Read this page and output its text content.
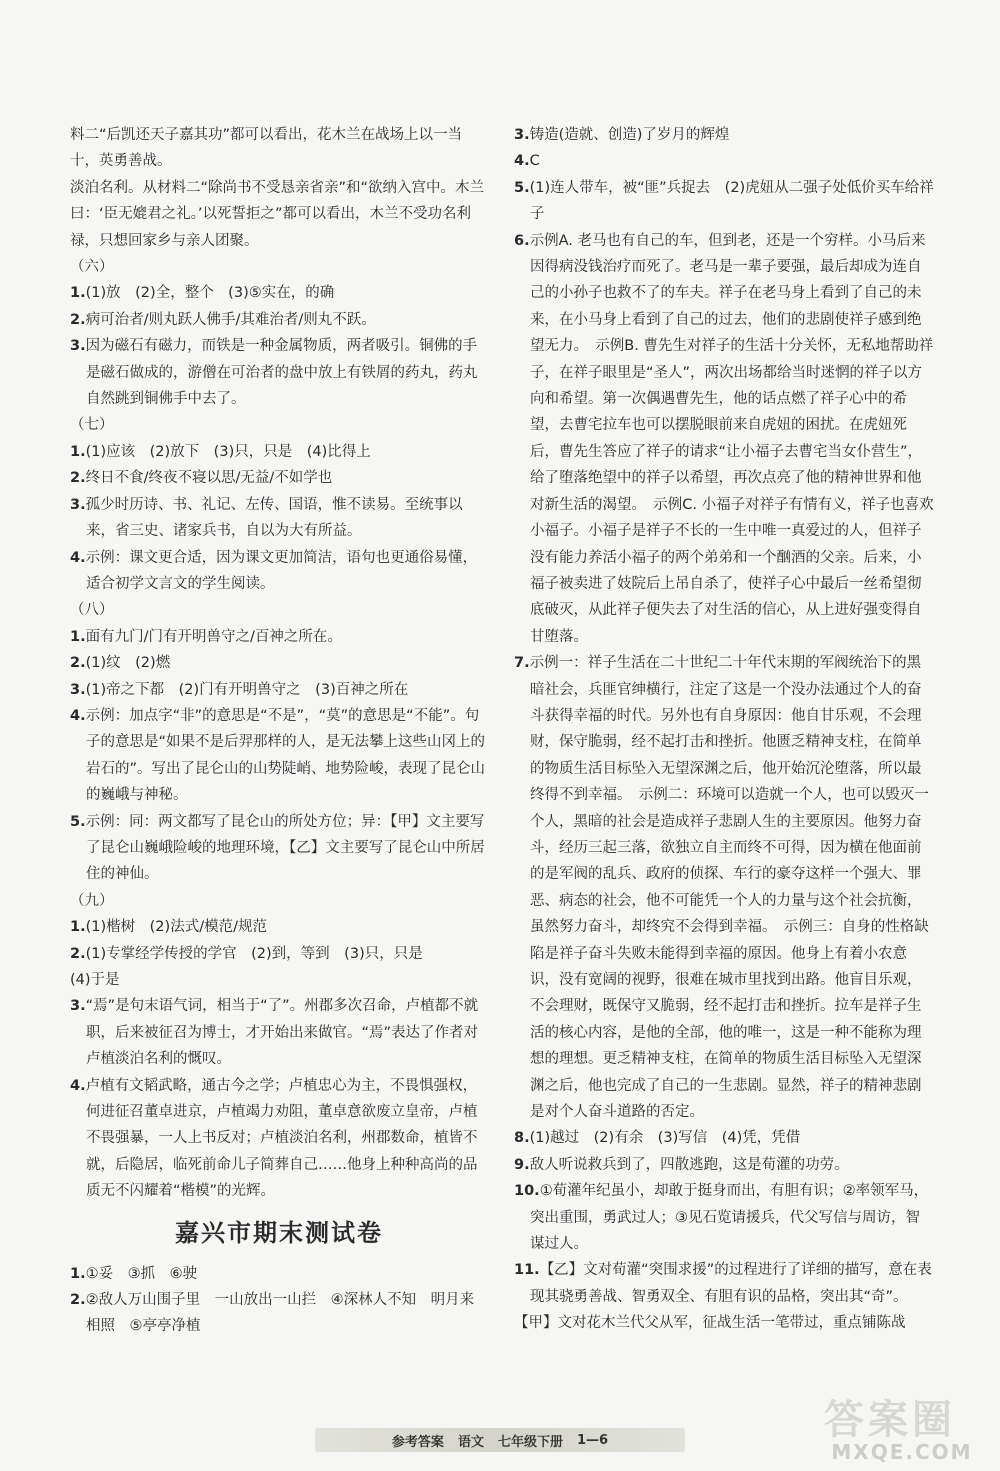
料二“后凯还天子嘉其功”都可以看出，花木兰在战场上以一当十，英勇善战。

淡泊名利。从材料二“除尚书不受恳亲省亲”和“欲纳入宫中。木兰曰：‘臣无媲君之礼。’以死誓拒之”都可以看出，木兰不受功名利禄，只想回家乡与亲人团聚。

（六）

1.(1)放　(2)全，整个　(3)⑤实在，的确

2.病可治者/则丸跃人佛手/其难治者/则丸不跃。

3.因为磁石有磁力，而铁是一种金属物质，两者吸引。铜佛的手是磁石做成的，游僧在可治者的盘中放上有铁屑的药丸，药丸自然跳到铜佛手中去了。

（七）

1.(1)应该　(2)放下　(3)只，只是　(4)比得上

2.终日不食/终夜不寝以思/无益/不如学也

3.孤少时历诗、书、礼记、左传、国语，惟不读易。至统事以来，省三史、诸家兵书，自以为大有所益。

4.示例：课文更合适，因为课文更加简洁，语句也更通俗易懂，适合初学文言文的学生阅读。

（八）

1.面有九门/门有开明兽守之/百神之所在。

2.(1)纹　(2)燃

3.(1)帝之下都　(2)门有开明兽守之　(3)百神之所在

4.示例：加点字“非”的意思是“不是”，“莫”的意思是“不能”。句子的意思是“如果不是后羿那样的人，是无法攀上这些山冈上的岩石的”。写出了昆仑山的山势陡峭、地势险峻，表现了昆仑山的巍峨与神秘。

5.示例：同：两文都写了昆仑山的所处方位；异：【甲】文主要写了昆仑山巍峨险峻的地理环境，【乙】文主要写了昆仑山中所居住的神仙。

（九）

1.(1)楷树　(2)法式/模范/规范

2.(1)专掌经学传授的学官　(2)到，等到　(3)只，只是

(4)于是

3.“焉”是句末语气词，相当于“了”。州郡多次召命，卢植都不就职，后来被征召为博士，才开始出来做官。“焉”表达了作者对卢植淡泊名利的慨叹。

4.卢植有文韬武略，通古今之学；卢植忠心为主，不畏惧强权，何进征召董卓进京，卢植竭力劝阻，董卓意欲废立皇帝，卢植不畏强暴，一人上书反对；卢植淡泊名利，州郡数命，植皆不就，后隐居，临死前命儿子简葬自己……他身上种种高尚的品质无不闪耀着“楷模”的光辉。

嘉兴市期末测试卷

1.①妥　③抓　⑥驶

2.②敌人万山围子里　一山放出一山拦　④深林人不知　明月来相照　⑤亭亭净植

3.铸造(造就、创造)了岁月的辉煌

4.C

5.(1)连人带车，被“匪”兵捉去　(2)虎妞从二强子处低价买车给祥子

6.示例A. 老马也有自己的车，但到老，还是一个穷样。小马后来因得病没钱治疗而死了。老马是一辈子要强，最后却成为连自己的小孙子也救不了的车夫。祥子在老马身上看到了自己的未来，在小马身上看到了自己的过去，他们的悲剧使祥子感到绝望无力。　示例B. 曹先生对祥子的生活十分关怀，无私地帮助祥子，在祥子眼里是“圣人”，两次出场都给当时迷惘的祥子以方向和希望。第一次偶遇曹先生，他的话点燃了祥子心中的希望，去曹宅拉车也可以摆脱眼前来自虎妞的困扰。在虎妞死后，曹先生答应了祥子的请求“让小福子去曹宅当女仆营生”，给了堕落绝望中的祥子以希望，再次点亮了他的精神世界和他对新生活的渴望。　示例C. 小福子对祥子有情有义，祥子也喜欢小福子。小福子是祥子不长的一生中唯一真爱过的人，但祥子没有能力养活小福子的两个弟弟和一个酗酒的父亲。后来，小福子被卖进了妓院后上吊自杀了，使祥子心中最后一丝希望彻底破灭，从此祥子便失去了对生活的信心，从上进好强变得自甘堕落。

7.示例一：祥子生活在二十世纪二十年代末期的军阀统治下的黑暗社会，兵匪官绅横行，注定了这是一个没办法通过个人的奋斗获得幸福的时代。另外也有自身原因：他自甘乐观，不会理财，保守脆弱，经不起打击和挫折。他匮乏精神支柱，在简单的物质生活目标坠入无望深渊之后，他开始沉沦堕落，所以最终得不到幸福。　示例二：环境可以造就一个人，也可以毁灭一个人，黑暗的社会是造成祥子悲剧人生的主要原因。他努力奋斗，经历三起三落，欲独立自主而终不可得，因为横在他面前的是军阀的乱兵、政府的侦探、车行的豪夺这样一个强大、罪恶、病态的社会，他不可能凭一个人的力量与这个社会抗衡，虽然努力奋斗，却终究不会得到幸福。　示例三：自身的性格缺陷是祥子奋斗失败未能得到幸福的原因。他身上有着小农意识，没有宽阔的视野，很难在城市里找到出路。他盲目乐观，不会理财，既保守又脆弱，经不起打击和挫折。拉车是祥子生活的核心内容，是他的全部，他的唯一，这是一种不能称为理想的理想。更乏精神支柱，在简单的物质生活目标坠入无望深渊之后，他也完成了自己的一生悲剧。显然，祥子的精神悲剧是对个人奋斗道路的否定。

8.(1)越过　(2)有余　(3)写信　(4)凭，凭借

9.敌人听说救兵到了，四散逃跑，这是荀灌的功劳。

10.①荀灌年纪虽小，却敢于挺身而出，有胆有识；②率领军马，突出重围，勇武过人；③见石览请援兵，代父写信与周访，智谋过人。

11.【乙】文对荀灌“突围求援”的过程进行了详细的描写，意在表现其骁勇善战、智勇双全、有胆有识的品格，突出其“奇”。

【甲】文对花木兰代父从军，征战生活一笔带过，重点铺陈战

参考答案 语文 七年级下册 1—6	答案圈
MXQE.COM
